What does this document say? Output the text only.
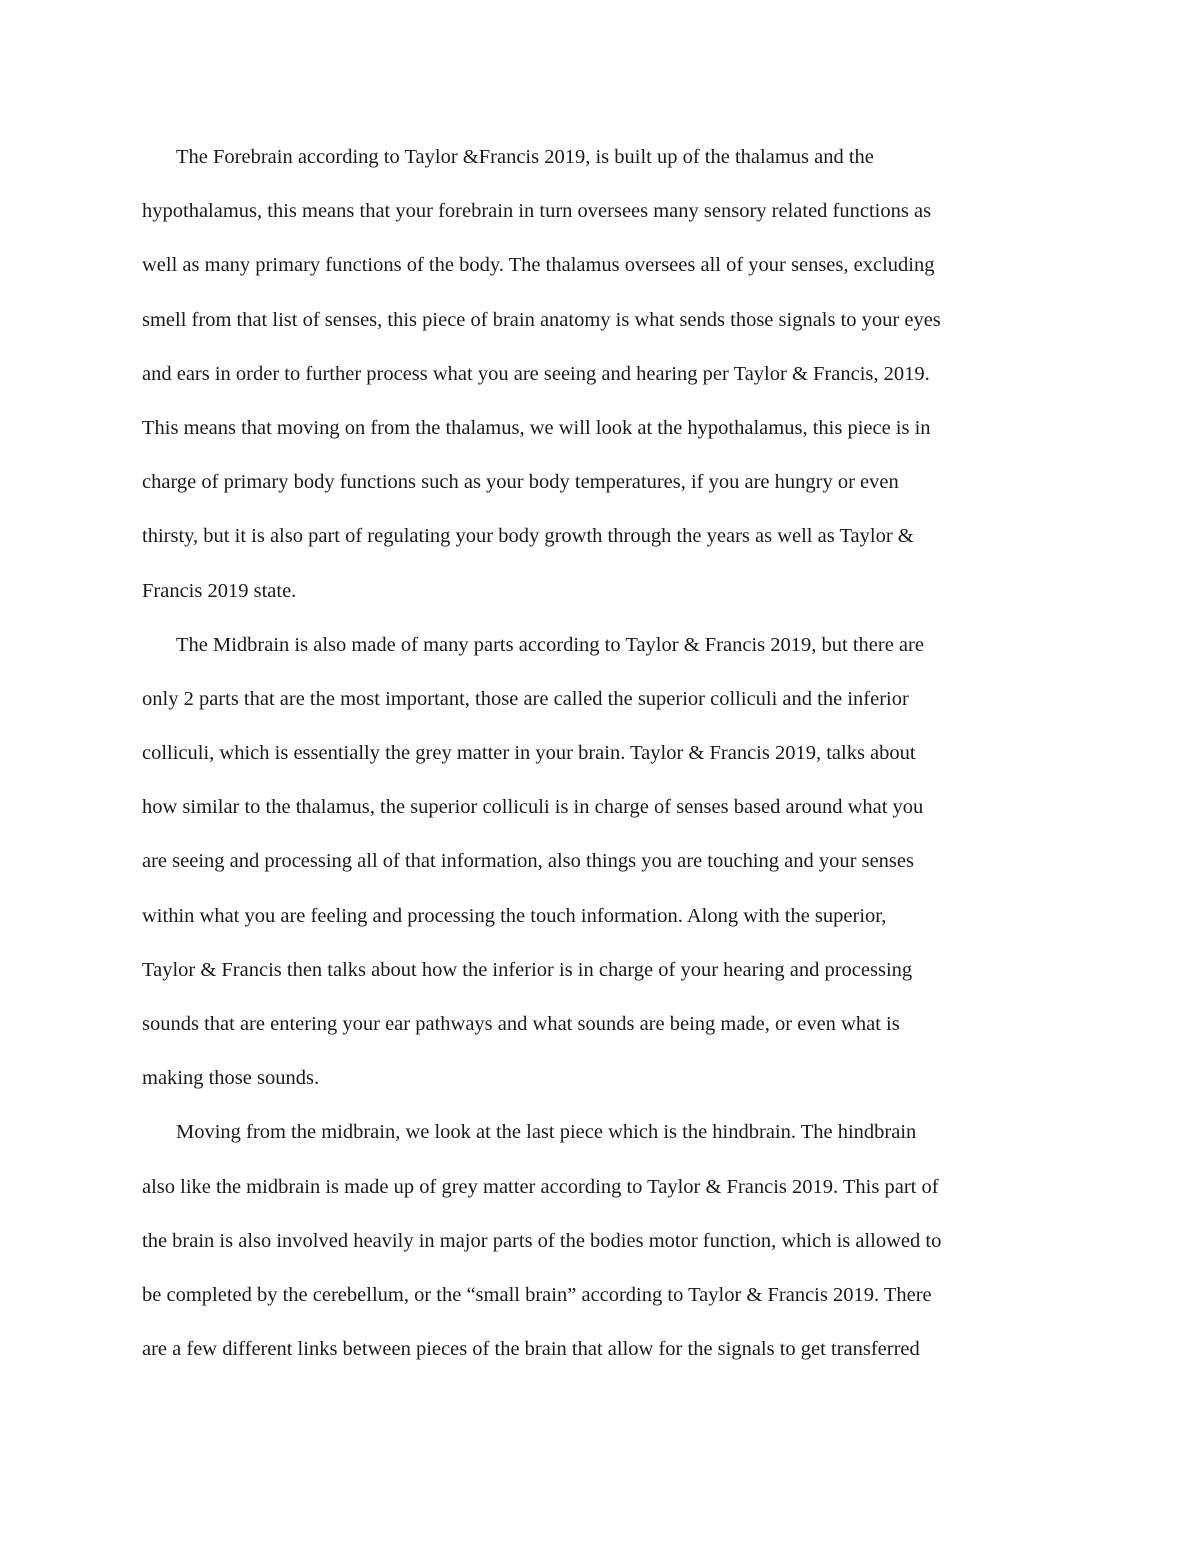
The Forebrain according to Taylor &Francis 2019, is built up of the thalamus and the
hypothalamus, this means that your forebrain in turn oversees many sensory related functions as
well as many primary functions of the body. The thalamus oversees all of your senses, excluding
smell from that list of senses, this piece of brain anatomy is what sends those signals to your eyes
and ears in order to further process what you are seeing and hearing per Taylor & Francis, 2019.
This means that moving on from the thalamus, we will look at the hypothalamus, this piece is in
charge of primary body functions such as your body temperatures, if you are hungry or even
thirsty, but it is also part of regulating your body growth through the years as well as Taylor &
Francis 2019 state.
The Midbrain is also made of many parts according to Taylor & Francis 2019, but there are
only 2 parts that are the most important, those are called the superior colliculi and the inferior
colliculi, which is essentially the grey matter in your brain. Taylor & Francis 2019, talks about
how similar to the thalamus, the superior colliculi is in charge of senses based around what you
are seeing and processing all of that information, also things you are touching and your senses
within what you are feeling and processing the touch information. Along with the superior,
Taylor & Francis then talks about how the inferior is in charge of your hearing and processing
sounds that are entering your ear pathways and what sounds are being made, or even what is
making those sounds.
Moving from the midbrain, we look at the last piece which is the hindbrain. The hindbrain
also like the midbrain is made up of grey matter according to Taylor & Francis 2019. This part of
the brain is also involved heavily in major parts of the bodies motor function, which is allowed to
be completed by the cerebellum, or the “small brain” according to Taylor & Francis 2019. There
are a few different links between pieces of the brain that allow for the signals to get transferred
